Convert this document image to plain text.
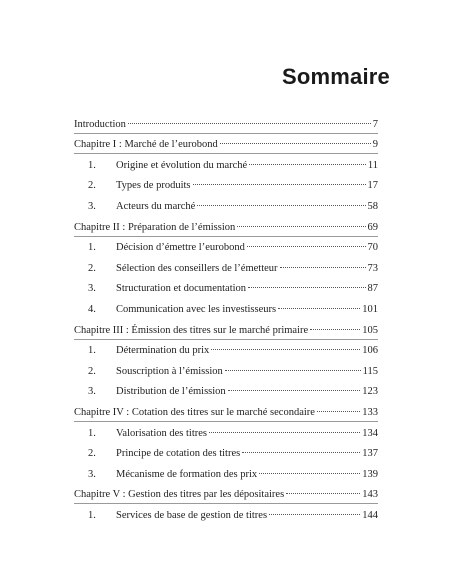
Sommaire
Introduction	7
Chapitre I : Marché de l’eurobond	9
1.	Origine et évolution du marché	11
2.	Types de produits	17
3.	Acteurs du marché	58
Chapitre II : Préparation de l’émission	69
1.	Décision d’émettre l’eurobond	70
2.	Sélection des conseillers de l’émetteur	73
3.	Structuration et documentation	87
4.	Communication avec les investisseurs	101
Chapitre III : Émission des titres sur le marché primaire	105
1.	Détermination du prix	106
2.	Souscription à l’émission	115
3.	Distribution de l’émission	123
Chapitre IV : Cotation des titres sur le marché secondaire	133
1.	Valorisation des titres	134
2.	Principe de cotation des titres	137
3.	Mécanisme de formation des prix	139
Chapitre V : Gestion des titres par les dépositaires	143
1.	Services de base de gestion de titres	144
